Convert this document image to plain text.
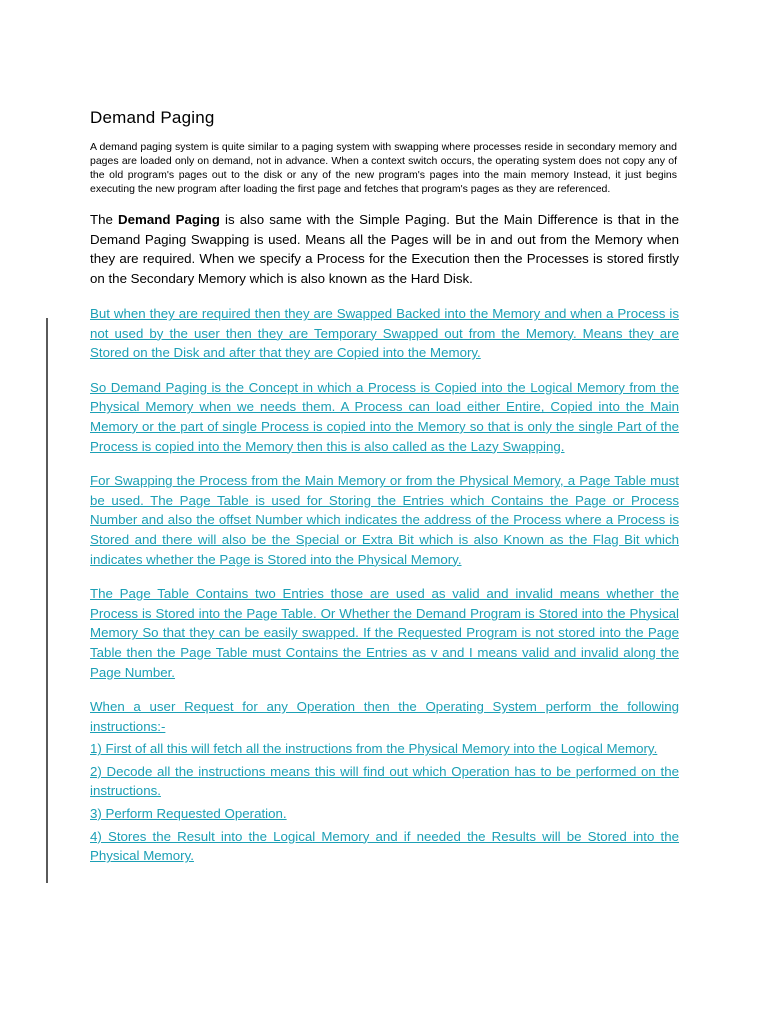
Demand Paging

A demand paging system is quite similar to a paging system with swapping where processes reside in secondary memory and pages are loaded only on demand, not in advance. When a context switch occurs, the operating system does not copy any of the old program's pages out to the disk or any of the new program's pages into the main memory Instead, it just begins executing the new program after loading the first page and fetches that program's pages as they are referenced.

The Demand Paging is also same with the Simple Paging. But the Main Difference is that in the Demand Paging Swapping is used. Means all the Pages will be in and out from the Memory when they are required. When we specify a Process for the Execution then the Processes is stored firstly on the Secondary Memory which is also known as the Hard Disk.

But when they are required then they are Swapped Backed into the Memory and when a Process is not used by the user then they are Temporary Swapped out from the Memory. Means they are Stored on the Disk and after that they are Copied into the Memory.

So Demand Paging is the Concept in which a Process is Copied into the Logical Memory from the Physical Memory when we needs them. A Process can load either Entire, Copied into the Main Memory or the part of single Process is copied into the Memory so that is only the single Part of the Process is copied into the Memory then this is also called as the Lazy Swapping.

For Swapping the Process from the Main Memory or from the Physical Memory, a Page Table must be used. The Page Table is used for Storing the Entries which Contains the Page or Process Number and also the offset Number which indicates the address of the Process where a Process is Stored and there will also be the Special or Extra Bit which is also Known as the Flag Bit which indicates whether the Page is Stored into the Physical Memory.

The Page Table Contains two Entries those are used as valid and invalid means whether the Process is Stored into the Page Table. Or Whether the Demand Program is Stored into the Physical Memory So that they can be easily swapped. If the Requested Program is not stored into the Page Table then the Page Table must Contains the Entries as v and I means valid and invalid along the Page Number.

When a user Request for any Operation then the Operating System perform the following instructions:-

1) First of all this will fetch all the instructions from the Physical Memory into the Logical Memory.

2) Decode all the instructions means this will find out which Operation has to be performed on the instructions.

3) Perform Requested Operation.

4) Stores the Result into the Logical Memory and if needed the Results will be Stored into the Physical Memory.
